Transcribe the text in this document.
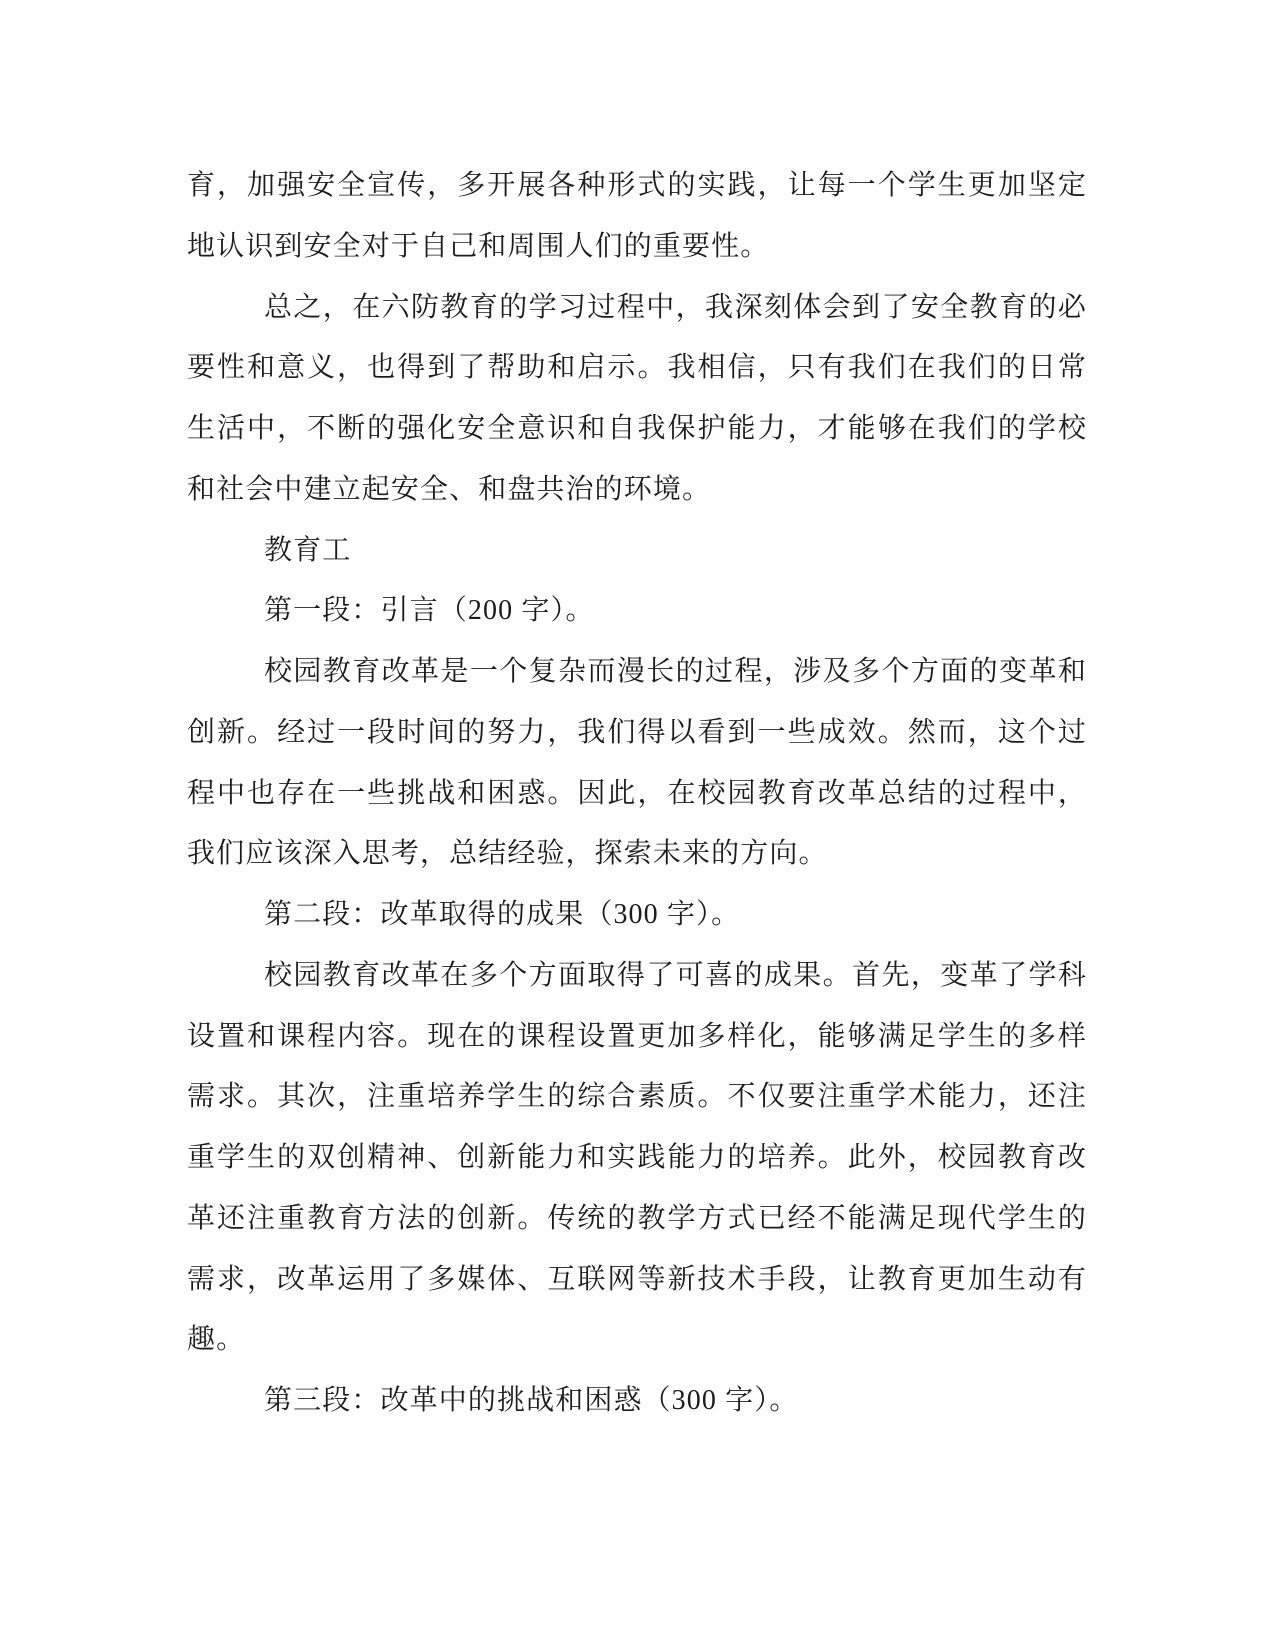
育，加强安全宣传，多开展各种形式的实践，让每一个学生更加坚定
地认识到安全对于自己和周围人们的重要性。
总之，在六防教育的学习过程中，我深刻体会到了安全教育的必
要性和意义，也得到了帮助和启示。我相信，只有我们在我们的日常
生活中，不断的强化安全意识和自我保护能力，才能够在我们的学校
和社会中建立起安全、和盘共治的环境。
教育工
第一段：引言（200 字）。
校园教育改革是一个复杂而漫长的过程，涉及多个方面的变革和
创新。经过一段时间的努力，我们得以看到一些成效。然而，这个过
程中也存在一些挑战和困惑。因此，在校园教育改革总结的过程中，
我们应该深入思考，总结经验，探索未来的方向。
第二段：改革取得的成果（300 字）。
校园教育改革在多个方面取得了可喜的成果。首先，变革了学科
设置和课程内容。现在的课程设置更加多样化，能够满足学生的多样
需求。其次，注重培养学生的综合素质。不仅要注重学术能力，还注
重学生的双创精神、创新能力和实践能力的培养。此外，校园教育改
革还注重教育方法的创新。传统的教学方式已经不能满足现代学生的
需求，改革运用了多媒体、互联网等新技术手段，让教育更加生动有
趣。
第三段：改革中的挑战和困惑（300 字）。
